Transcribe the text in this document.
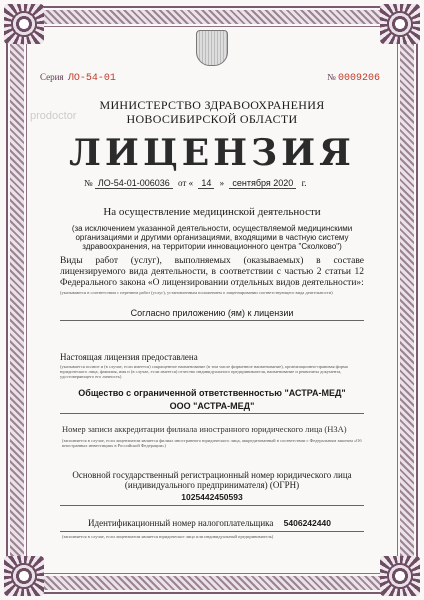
Серия ЛО-54-01	№ 0009206
МИНИСТЕРСТВО ЗДРАВООХРАНЕНИЯ
НОВОСИБИРСКОЙ ОБЛАСТИ
prodoctor
ЛИЦЕНЗИЯ
№ ЛО-54-01-006036 от « 14 » сентября 2020 г.
На осуществление медицинской деятельности
(за исключением указанной деятельности, осуществляемой медицинскими организациями и другими организациями, входящими в частную систему здравоохранения, на территории инновационного центра "Сколково")
Виды работ (услуг), выполняемых (оказываемых) в составе лицензируемого вида деятельности, в соответствии с частью 2 статьи 12 Федерального закона «О лицензировании отдельных видов деятельности»:
(указываются в соответствии с перечнем работ (услуг), установленным положением о лицензировании соответствующего вида деятельности)
Согласно приложению (ям) к лицензии
Настоящая лицензия предоставлена
(указывается полное и (в случае, если имеется) сокращенное наименование (в том числе фирменное наименование), организационно-правовая форма юридического лица, фамилия, имя и (в случае, если имеется) отчество индивидуального предпринимателя, наименование и реквизиты документа, удостоверяющего его личность)
Общество с ограниченной ответственностью "АСТРА-МЕД"
ООО "АСТРА-МЕД"
Номер записи аккредитации филиала иностранного юридического лица (НЗА)
(заполняется в случае, если лицензиатом является филиал иностранного юридического лица, аккредитованный в соответствии с Федеральным законом «Об иностранных инвестициях в Российской Федерации»)
Основной государственный регистрационный номер юридического лица
(индивидуального предпринимателя) (ОГРН)
1025442450593
Идентификационный номер налогоплательщика 5406242440
(заполняется в случае, если лицензиатом является юридическое лицо или индивидуальный предприниматель)
